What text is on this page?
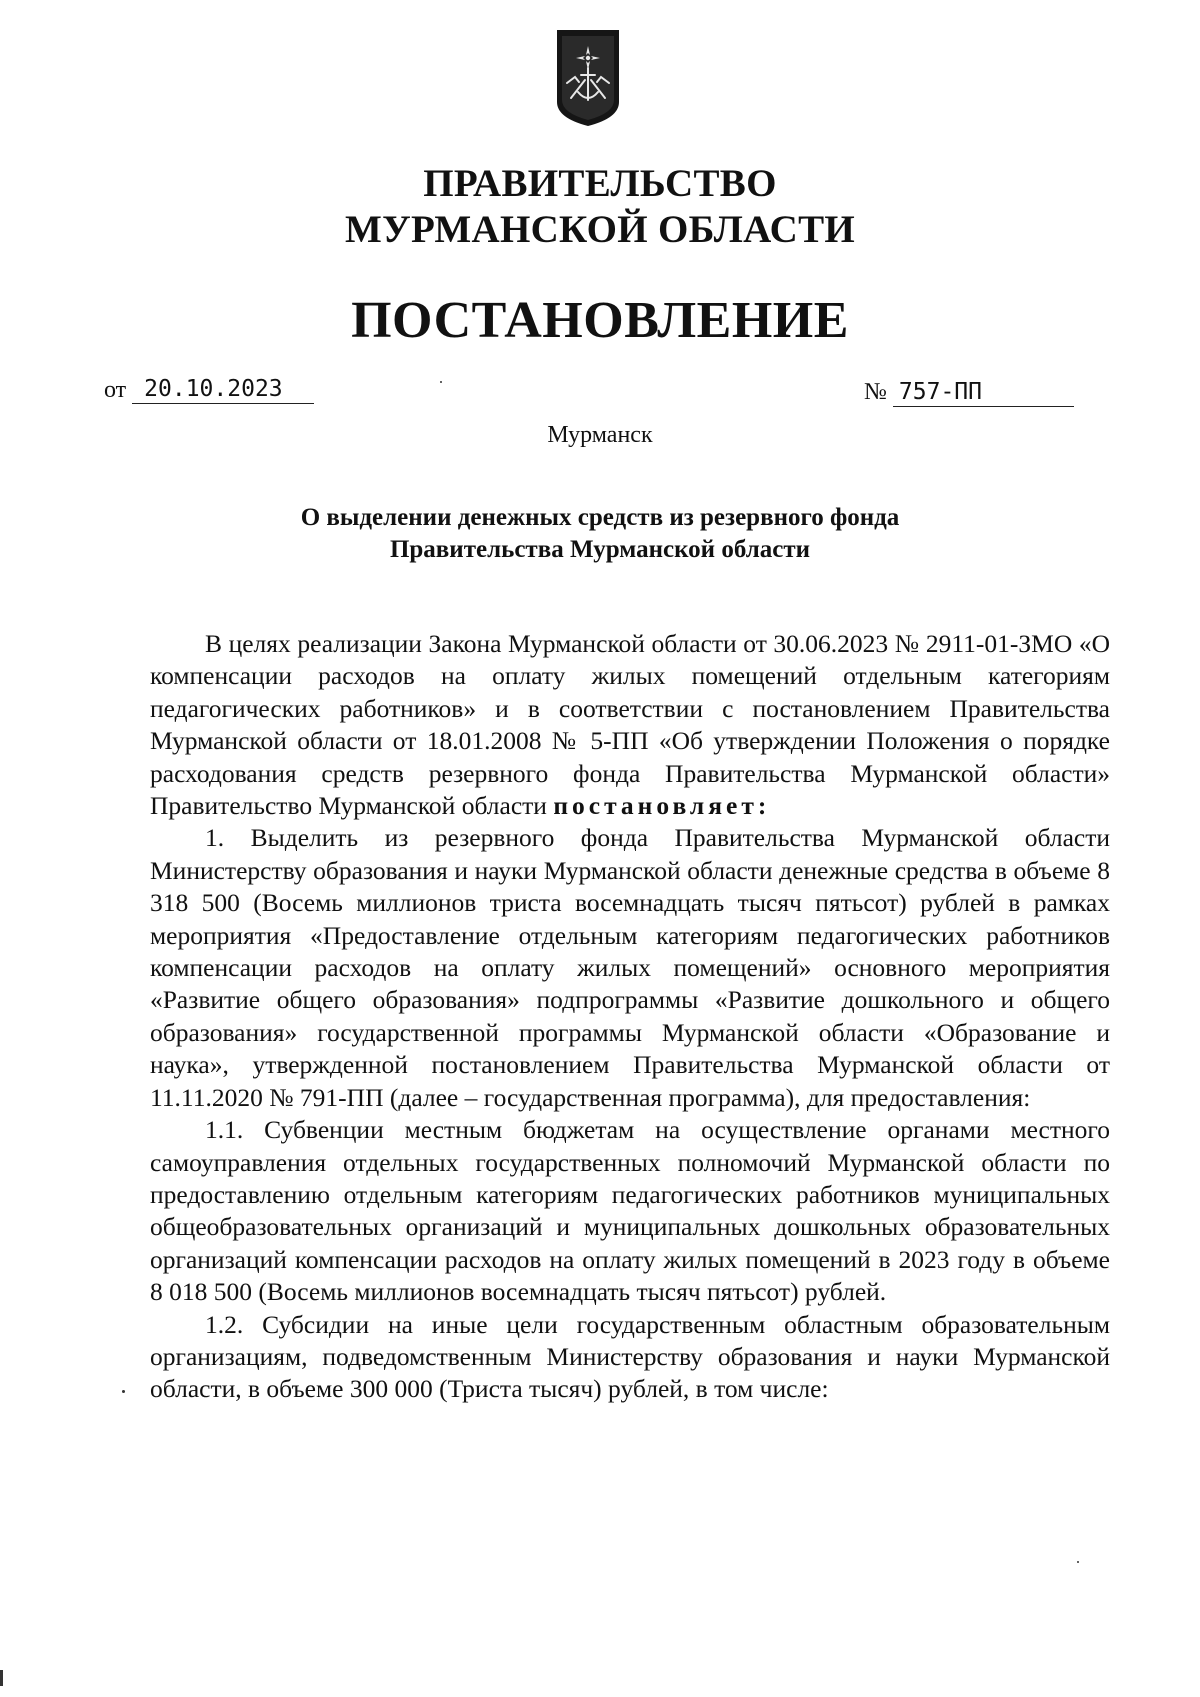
ПРАВИТЕЛЬСТВО
МУРМАНСКОЙ ОБЛАСТИ
ПОСТАНОВЛЕНИЕ
от 20.10.2023	№ 757-ПП
Мурманск
О выделении денежных средств из резервного фонда
Правительства Мурманской области

В целях реализации Закона Мурманской области от 30.06.2023 № 2911-01-ЗМО «О компенсации расходов на оплату жилых помещений отдельным категориям педагогических работников» и в соответствии с постановлением Правительства Мурманской области от 18.01.2008 № 5-ПП «Об утверждении Положения о порядке расходования средств резервного фонда Правительства Мурманской области» Правительство Мурманской области постановляет:

1. Выделить из резервного фонда Правительства Мурманской области Министерству образования и науки Мурманской области денежные средства в объеме 8 318 500 (Восемь миллионов триста восемнадцать тысяч пятьсот) рублей в рамках мероприятия «Предоставление отдельным категориям педагогических работников компенсации расходов на оплату жилых помещений» основного мероприятия «Развитие общего образования» подпрограммы «Развитие дошкольного и общего образования» государственной программы Мурманской области «Образование и наука», утвержденной постановлением Правительства Мурманской области от 11.11.2020 № 791-ПП (далее – государственная программа), для предоставления:

1.1. Субвенции местным бюджетам на осуществление органами местного самоуправления отдельных государственных полномочий Мурманской области по предоставлению отдельным категориям педагогических работников муниципальных общеобразовательных организаций и муниципальных дошкольных образовательных организаций компенсации расходов на оплату жилых помещений в 2023 году в объеме 8 018 500 (Восемь миллионов восемнадцать тысяч пятьсот) рублей.

1.2. Субсидии на иные цели государственным областным образовательным организациям, подведомственным Министерству образования и науки Мурманской области, в объеме 300 000 (Триста тысяч) рублей, в том числе:
